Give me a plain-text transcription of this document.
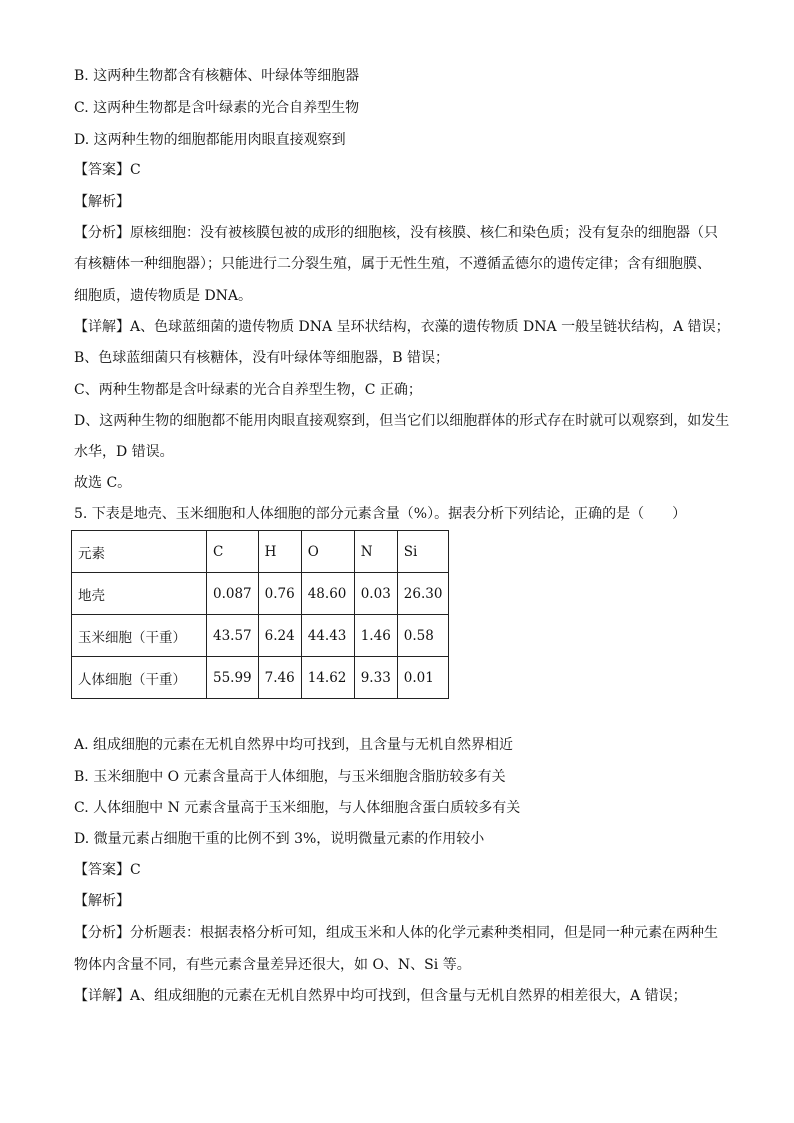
B. 这两种生物都含有核糖体、叶绿体等细胞器
C. 这两种生物都是含叶绿素的光合自养型生物
D. 这两种生物的细胞都能用肉眼直接观察到
【答案】C
【解析】
【分析】原核细胞：没有被核膜包被的成形的细胞核，没有核膜、核仁和染色质；没有复杂的细胞器（只
有核糖体一种细胞器）；只能进行二分裂生殖，属于无性生殖，不遵循孟德尔的遗传定律；含有细胞膜、
细胞质，遗传物质是 DNA。
【详解】A、色球蓝细菌的遗传物质 DNA 呈环状结构，衣藻的遗传物质 DNA 一般呈链状结构，A 错误；
B、色球蓝细菌只有核糖体，没有叶绿体等细胞器，B 错误；
C、两种生物都是含叶绿素的光合自养型生物，C 正确；
D、这两种生物的细胞都不能用肉眼直接观察到，但当它们以细胞群体的形式存在时就可以观察到，如发生
水华，D 错误。
故选 C。
5. 下表是地壳、玉米细胞和人体细胞的部分元素含量（%）。据表分析下列结论，正确的是（　　）
元素	C	H	O	N	Si
地壳	0.087	0.76	48.60	0.03	26.30
玉米细胞（干重）	43.57	6.24	44.43	1.46	0.58
人体细胞（干重）	55.99	7.46	14.62	9.33	0.01
A. 组成细胞的元素在无机自然界中均可找到，且含量与无机自然界相近
B. 玉米细胞中 O 元素含量高于人体细胞，与玉米细胞含脂肪较多有关
C. 人体细胞中 N 元素含量高于玉米细胞，与人体细胞含蛋白质较多有关
D. 微量元素占细胞干重的比例不到 3%，说明微量元素的作用较小
【答案】C
【解析】
【分析】分析题表：根据表格分析可知，组成玉米和人体的化学元素种类相同，但是同一种元素在两种生
物体内含量不同，有些元素含量差异还很大，如 O、N、Si 等。
【详解】A、组成细胞的元素在无机自然界中均可找到，但含量与无机自然界的相差很大，A 错误；
